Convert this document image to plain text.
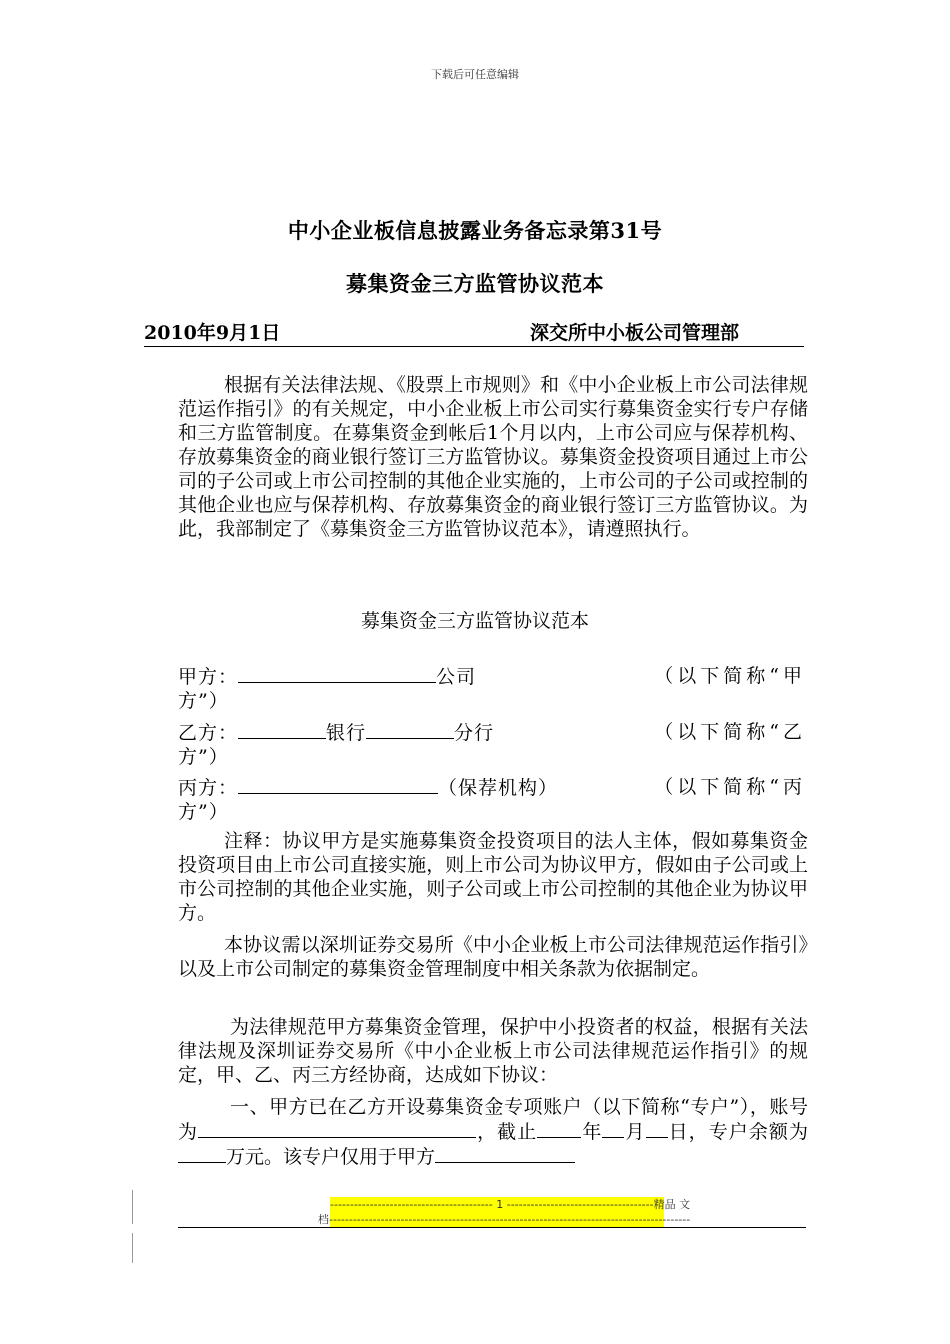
下载后可任意编辑
中小企业板信息披露业务备忘录第31号
募集资金三方监管协议范本
2010年9月1日	深交所中小板公司管理部
根据有关法律法规、《股票上市规则》和《中小企业板上市公司法律规范运作指引》的有关规定，中小企业板上市公司实行募集资金实行专户存储和三方监管制度。在募集资金到帐后1个月以内，上市公司应与保荐机构、存放募集资金的商业银行签订三方监管协议。募集资金投资项目通过上市公司的子公司或上市公司控制的其他企业实施的，上市公司的子公司或控制的其他企业也应与保荐机构、存放募集资金的商业银行签订三方监管协议。为此，我部制定了《募集资金三方监管协议范本》，请遵照执行。
募集资金三方监管协议范本
甲方：	公司	（以下简称“甲
方”）
乙方：	银行	分行	（以下简称“乙
方”）
丙方：	（保荐机构）	（以下简称“丙
方”）
注释：协议甲方是实施募集资金投资项目的法人主体，假如募集资金投资项目由上市公司直接实施，则上市公司为协议甲方，假如由子公司或上市公司控制的其他企业实施，则子公司或上市公司控制的其他企业为协议甲方。
本协议需以深圳证券交易所《中小企业板上市公司法律规范运作指引》以及上市公司制定的募集资金管理制度中相关条款为依据制定。
为法律规范甲方募集资金管理，保护中小投资者的权益，根据有关法律法规及深圳证券交易所《中小企业板上市公司法律规范运作指引》的规定，甲、乙、丙三方经协商，达成如下协议：
一、甲方已在乙方开设募集资金专项账户（以下简称“专户”），账号为	，截止 年 月 日，专户余额为万元。该专户仅用于甲方
----------------------------------------- 1 -------------------------------------精品 文
档-------------------------------------------------------------------------------------------
